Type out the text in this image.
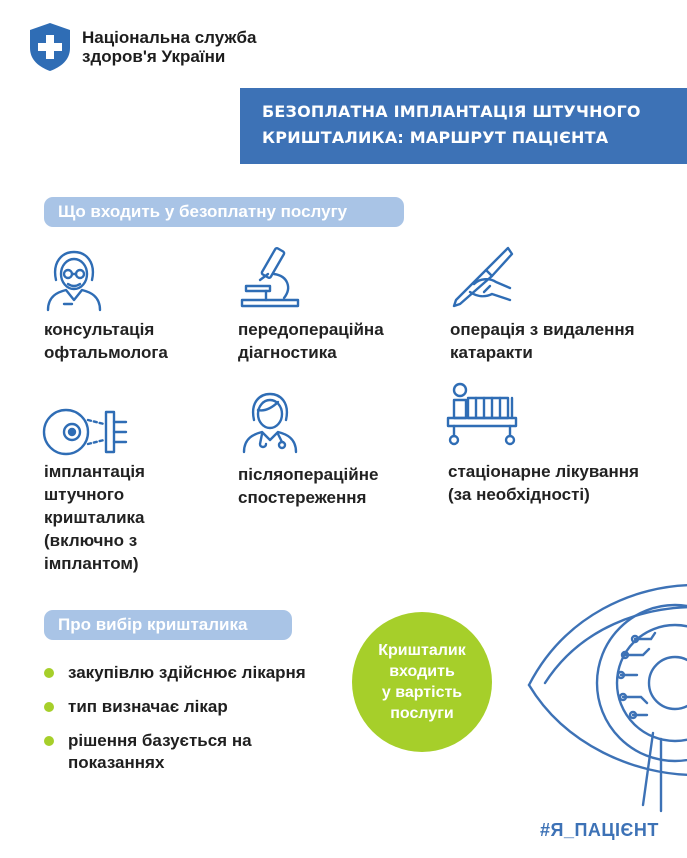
Національна служба
здоров'я України
БЕЗОПЛАТНА ІМПЛАНТАЦІЯ ШТУЧНОГО
КРИШТАЛИКА: МАРШРУТ ПАЦІЄНТА
Що входить у безоплатну послугу
консультація
офтальмолога
передопераційна
діагностика
операція з видалення
катаракти
імплантація
штучного
кришталика
(включно з
імплантом)
післяопераційне
спостереження
стаціонарне лікування
(за необхідності)
Про вибір кришталика
закупівлю здійснює лікарня
тип визначає лікар
рішення базується на
показаннях
Кришталик
входить
у вартість
послуги
#Я_ПАЦІЄНТ
